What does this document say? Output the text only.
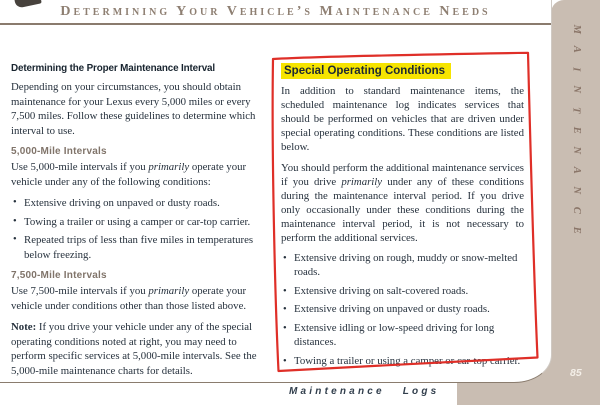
Determining Your Vehicle’s Maintenance Needs
Determining the Proper Maintenance Interval

Depending on your circumstances, you should obtain maintenance for your Lexus every 5,000 miles or every 7,500 miles. Follow these guidelines to determine which interval to use.

5,000-Mile Intervals

Use 5,000-mile intervals if you primarily operate your vehicle under any of the following conditions:

• Extensive driving on unpaved or dusty roads.
• Towing a trailer or using a camper or car-top carrier.
• Repeated trips of less than five miles in temperatures below freezing.
7,500-Mile Intervals

Use 7,500-mile intervals if you primarily operate your vehicle under conditions other than those listed above.

Note: If you drive your vehicle under any of the special operating conditions noted at right, you may need to perform specific services at 5,000-mile intervals. See the 5,000-mile maintenance charts for details.

Special Operating Conditions

In addition to standard maintenance items, the scheduled maintenance log indicates services that should be performed on vehicles that are driven under special operating conditions. These conditions are listed below.

You should perform the additional maintenance services if you drive primarily under any of these conditions during the maintenance interval period. If you drive only occasionally under these conditions during the maintenance interval period, it is not necessary to perform the additional services.

• Extensive driving on rough, muddy or snow-melted roads.
• Extensive driving on salt-covered roads.
• Extensive driving on unpaved or dusty roads.
• Extensive idling or low-speed driving for long distances.
• Towing a trailer or using a camper or car-top carrier.
M
A
I
N
T
E
N
A
N
C
E
Maintenance Logs
85
